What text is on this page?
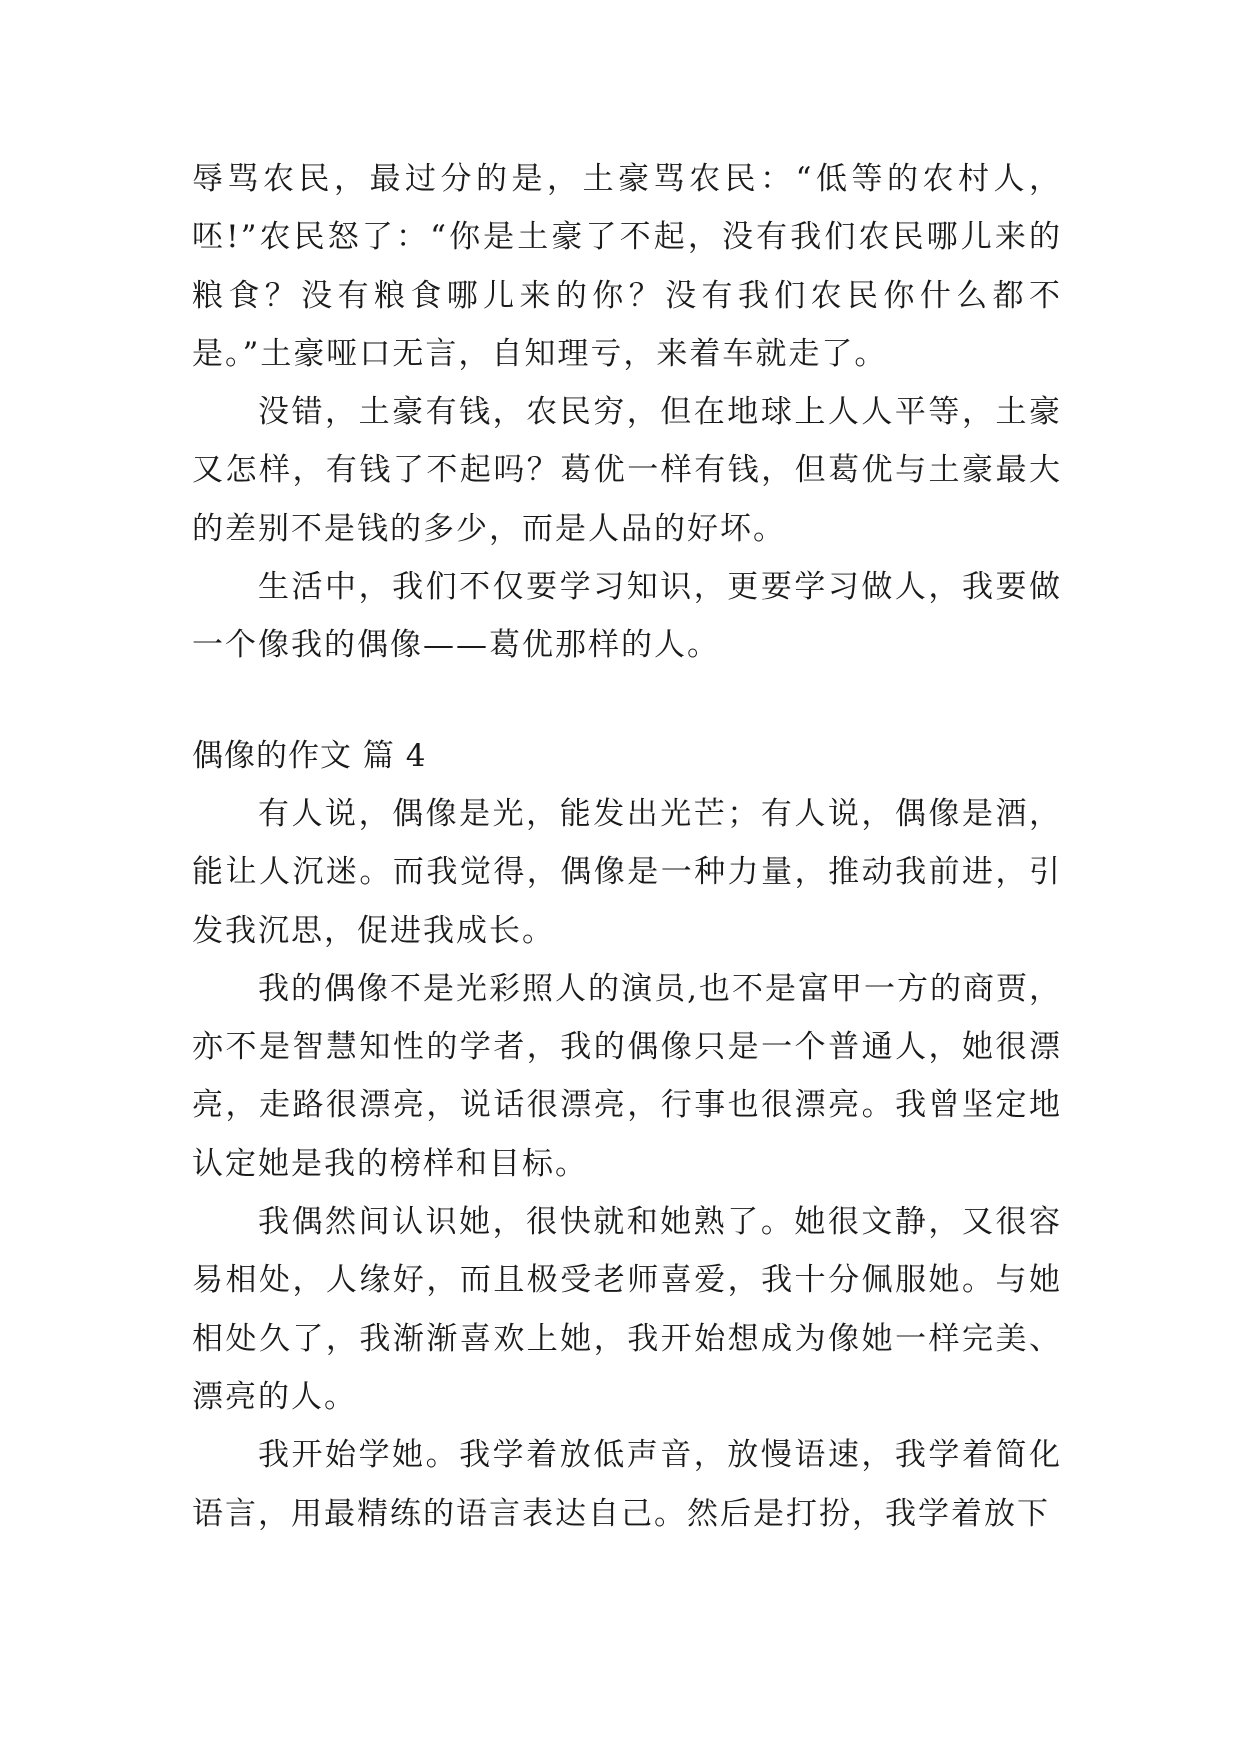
辱骂农民，最过分的是，土豪骂农民：“低等的农村人，呸!”农民怒了：“你是土豪了不起，没有我们农民哪儿来的粮食？没有粮食哪儿来的你？没有我们农民你什么都不是。”土豪哑口无言，自知理亏，来着车就走了。

没错，土豪有钱，农民穷，但在地球上人人平等，土豪又怎样，有钱了不起吗？葛优一样有钱，但葛优与土豪最大的差别不是钱的多少，而是人品的好坏。

生活中，我们不仅要学习知识，更要学习做人，我要做一个像我的偶像——葛优那样的人。

偶像的作文 篇 4

有人说，偶像是光，能发出光芒；有人说，偶像是酒，能让人沉迷。而我觉得，偶像是一种力量，推动我前进，引发我沉思，促进我成长。

我的偶像不是光彩照人的演员,也不是富甲一方的商贾，亦不是智慧知性的学者，我的偶像只是一个普通人，她很漂亮，走路很漂亮，说话很漂亮，行事也很漂亮。我曾坚定地认定她是我的榜样和目标。

我偶然间认识她，很快就和她熟了。她很文静，又很容易相处，人缘好，而且极受老师喜爱，我十分佩服她。与她相处久了，我渐渐喜欢上她，我开始想成为像她一样完美、漂亮的人。

我开始学她。我学着放低声音，放慢语速，我学着简化语言，用最精练的语言表达自己。然后是打扮，我学着放下
